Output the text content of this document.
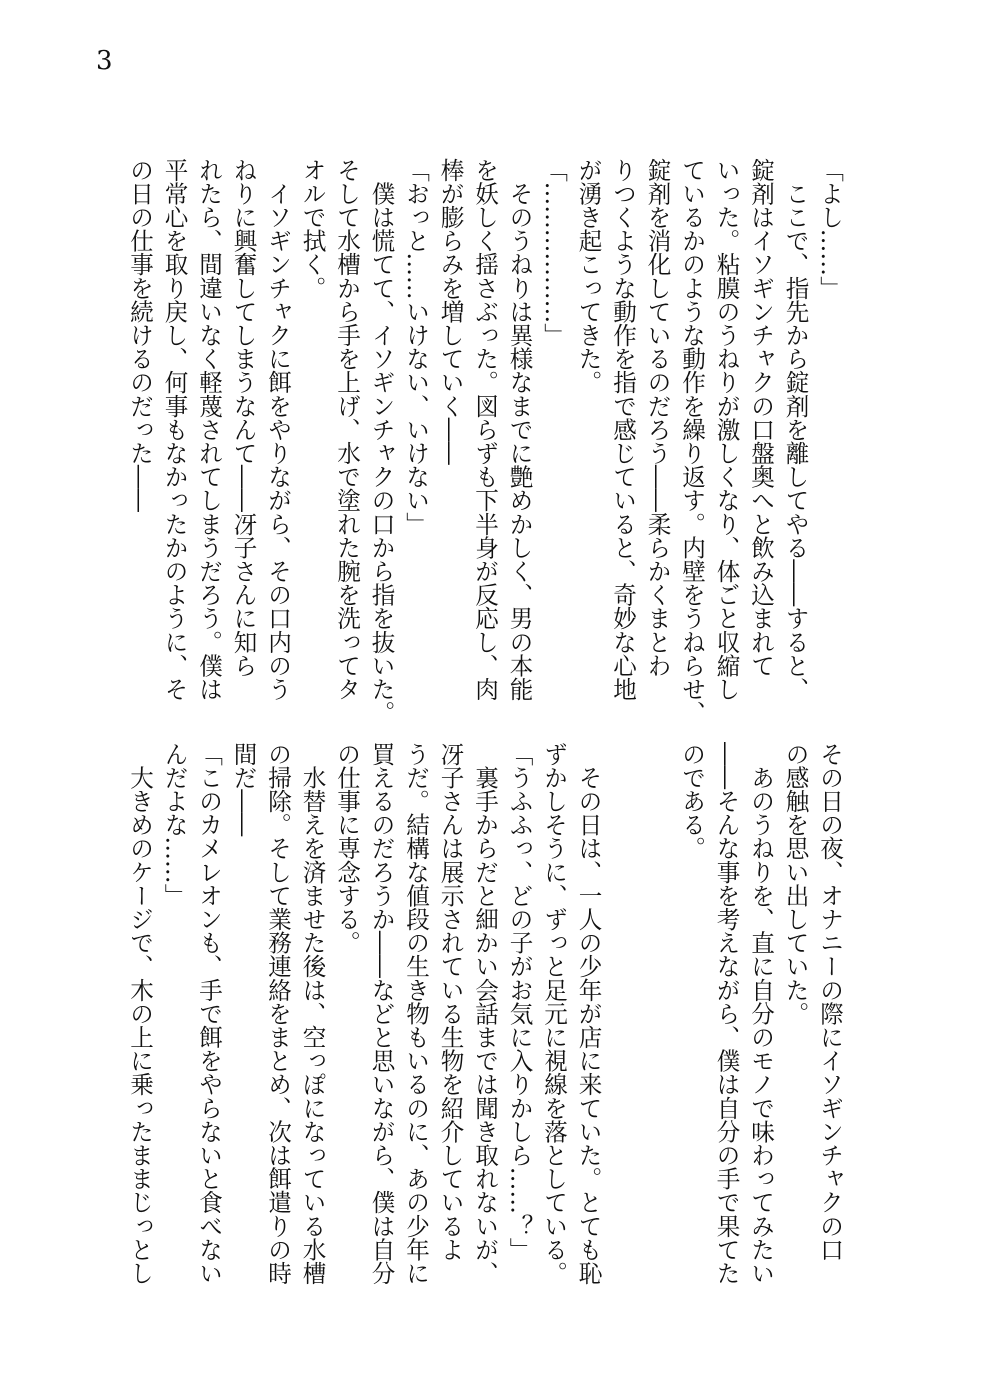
3
「よし……」
　ここで、指先から錠剤を離してやる――すると、
錠剤はイソギンチャクの口盤奥へと飲み込まれて
いった。粘膜のうねりが激しくなり、体ごと収縮し
ているかのような動作を繰り返す。内壁をうねらせ、
錠剤を消化しているのだろう――柔らかくまとわ
りつくような動作を指で感じていると、奇妙な心地
が湧き起こってきた。
「………………」
　そのうねりは異様なまでに艶めかしく、男の本能
を妖しく揺さぶった。図らずも下半身が反応し、肉
棒が膨らみを増していく――
「おっと……いけない、いけない」
　僕は慌てて、イソギンチャクの口から指を抜いた。
そして水槽から手を上げ、水で塗れた腕を洗ってタ
オルで拭く。
　イソギンチャクに餌をやりながら、その口内のう
ねりに興奮してしまうなんて――冴子さんに知ら
れたら、間違いなく軽蔑されてしまうだろう。僕は
平常心を取り戻し、何事もなかったかのように、そ
の日の仕事を続けるのだった――
その日の夜、オナニーの際にイソギンチャクの口
の感触を思い出していた。
　あのうねりを、直に自分のモノで味わってみたい
――そんな事を考えながら、僕は自分の手で果てた
のである。

　その日は、一人の少年が店に来ていた。とても恥
ずかしそうに、ずっと足元に視線を落としている。
「うふふっ、どの子がお気に入りかしら……？」
　裏手からだと細かい会話までは聞き取れないが、
冴子さんは展示されている生物を紹介しているよ
うだ。結構な値段の生き物もいるのに、あの少年に
買えるのだろうか――などと思いながら、僕は自分
の仕事に専念する。
　水替えを済ませた後は、空っぽになっている水槽
の掃除。そして業務連絡をまとめ、次は餌遣りの時
間だ――
「このカメレオンも、手で餌をやらないと食べない
んだよな……」
　大きめのケージで、木の上に乗ったままじっとし
